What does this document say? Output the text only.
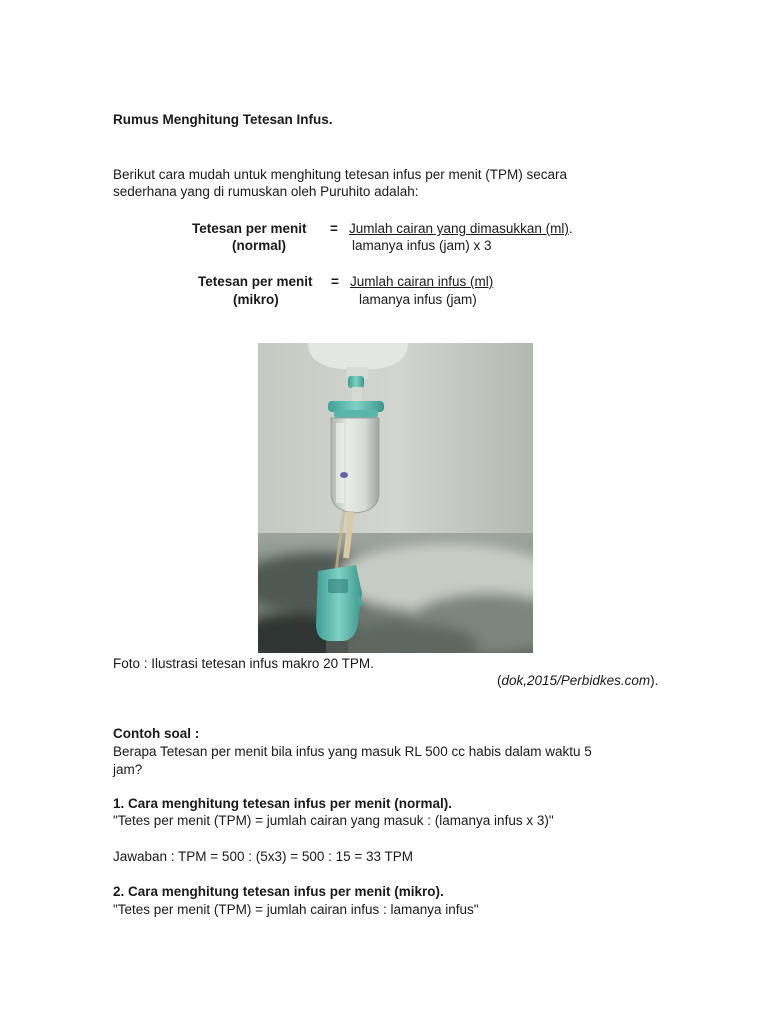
Rumus Menghitung Tetesan Infus.
Berikut cara mudah untuk menghitung tetesan infus per menit (TPM) secara
sederhana yang di rumuskan oleh Puruhito adalah:
Tetesan per menit = Jumlah cairan yang dimasukkan (ml).
(normal)	lamanya infus (jam) x 3
Tetesan per menit = Jumlah cairan infus (ml)
(mikro)	lamanya infus (jam)
Foto : Ilustrasi tetesan infus makro 20 TPM.
(dok,2015/Perbidkes.com).
Contoh soal :
Berapa Tetesan per menit bila infus yang masuk RL 500 cc habis dalam waktu 5
jam?
1. Cara menghitung tetesan infus per menit (normal).
"Tetes per menit (TPM) = jumlah cairan yang masuk : (lamanya infus x 3)"
Jawaban : TPM = 500 : (5x3) = 500 : 15 = 33 TPM
2. Cara menghitung tetesan infus per menit (mikro).
"Tetes per menit (TPM) = jumlah cairan infus : lamanya infus"
